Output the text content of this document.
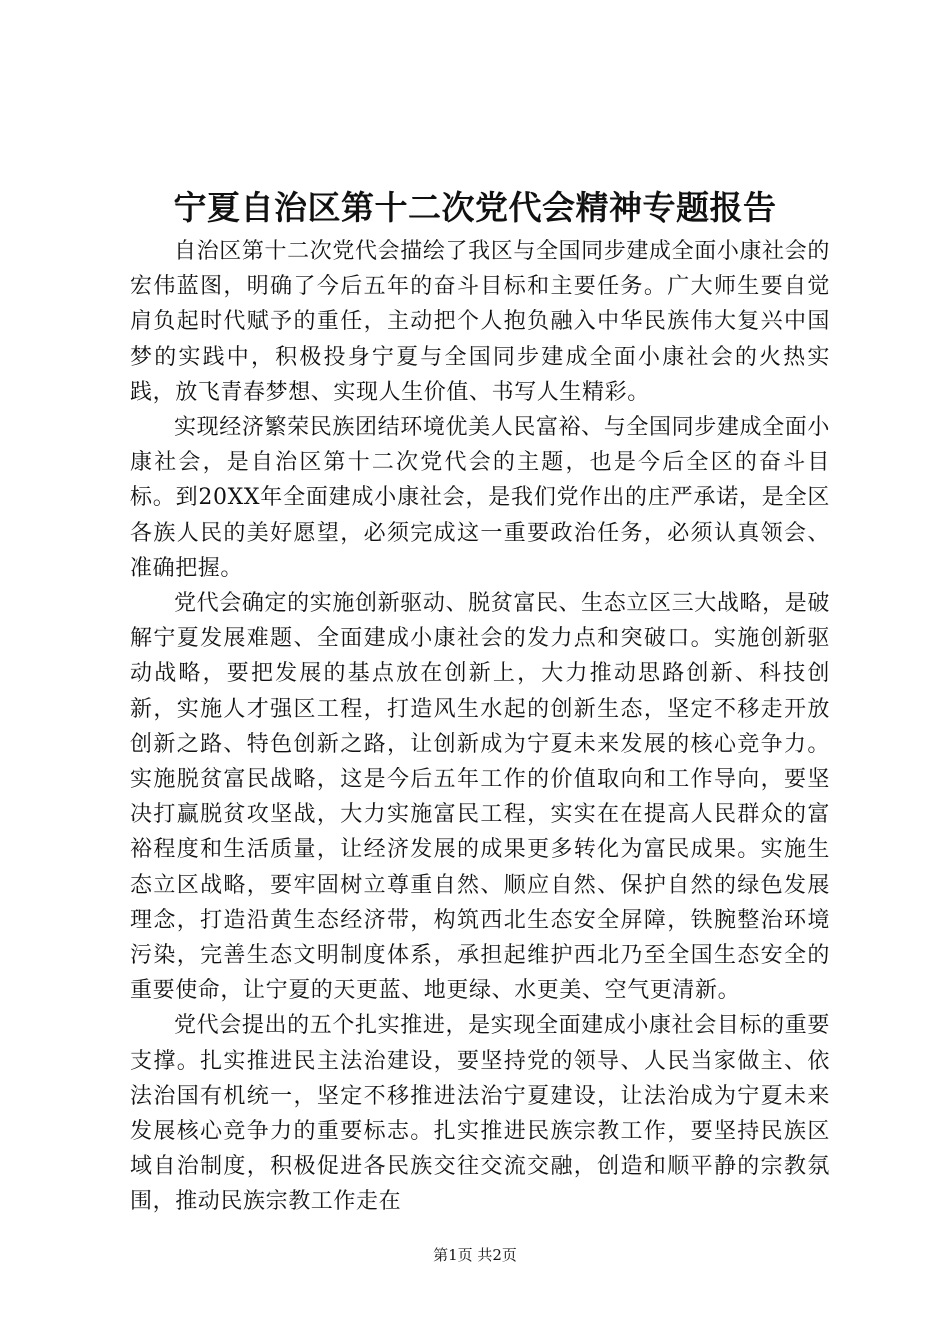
宁夏自治区第十二次党代会精神专题报告

自治区第十二次党代会描绘了我区与全国同步建成全面小康社会的宏伟蓝图，明确了今后五年的奋斗目标和主要任务。广大师生要自觉肩负起时代赋予的重任，主动把个人抱负融入中华民族伟大复兴中国梦的实践中，积极投身宁夏与全国同步建成全面小康社会的火热实践，放飞青春梦想、实现人生价值、书写人生精彩。

实现经济繁荣民族团结环境优美人民富裕、与全国同步建成全面小康社会，是自治区第十二次党代会的主题，也是今后全区的奋斗目标。到20XX年全面建成小康社会，是我们党作出的庄严承诺，是全区各族人民的美好愿望，必须完成这一重要政治任务，必须认真领会、准确把握。

党代会确定的实施创新驱动、脱贫富民、生态立区三大战略，是破解宁夏发展难题、全面建成小康社会的发力点和突破口。实施创新驱动战略，要把发展的基点放在创新上，大力推动思路创新、科技创新，实施人才强区工程，打造风生水起的创新生态，坚定不移走开放创新之路、特色创新之路，让创新成为宁夏未来发展的核心竞争力。实施脱贫富民战略，这是今后五年工作的价值取向和工作导向，要坚决打赢脱贫攻坚战，大力实施富民工程，实实在在提高人民群众的富裕程度和生活质量，让经济发展的成果更多转化为富民成果。实施生态立区战略，要牢固树立尊重自然、顺应自然、保护自然的绿色发展理念，打造沿黄生态经济带，构筑西北生态安全屏障，铁腕整治环境污染，完善生态文明制度体系，承担起维护西北乃至全国生态安全的重要使命，让宁夏的天更蓝、地更绿、水更美、空气更清新。

党代会提出的五个扎实推进，是实现全面建成小康社会目标的重要支撑。扎实推进民主法治建设，要坚持党的领导、人民当家做主、依法治国有机统一，坚定不移推进法治宁夏建设，让法治成为宁夏未来发展核心竞争力的重要标志。扎实推进民族宗教工作，要坚持民族区域自治制度，积极促进各民族交往交流交融，创造和顺平静的宗教氛围，推动民族宗教工作走在

第1页 共2页
